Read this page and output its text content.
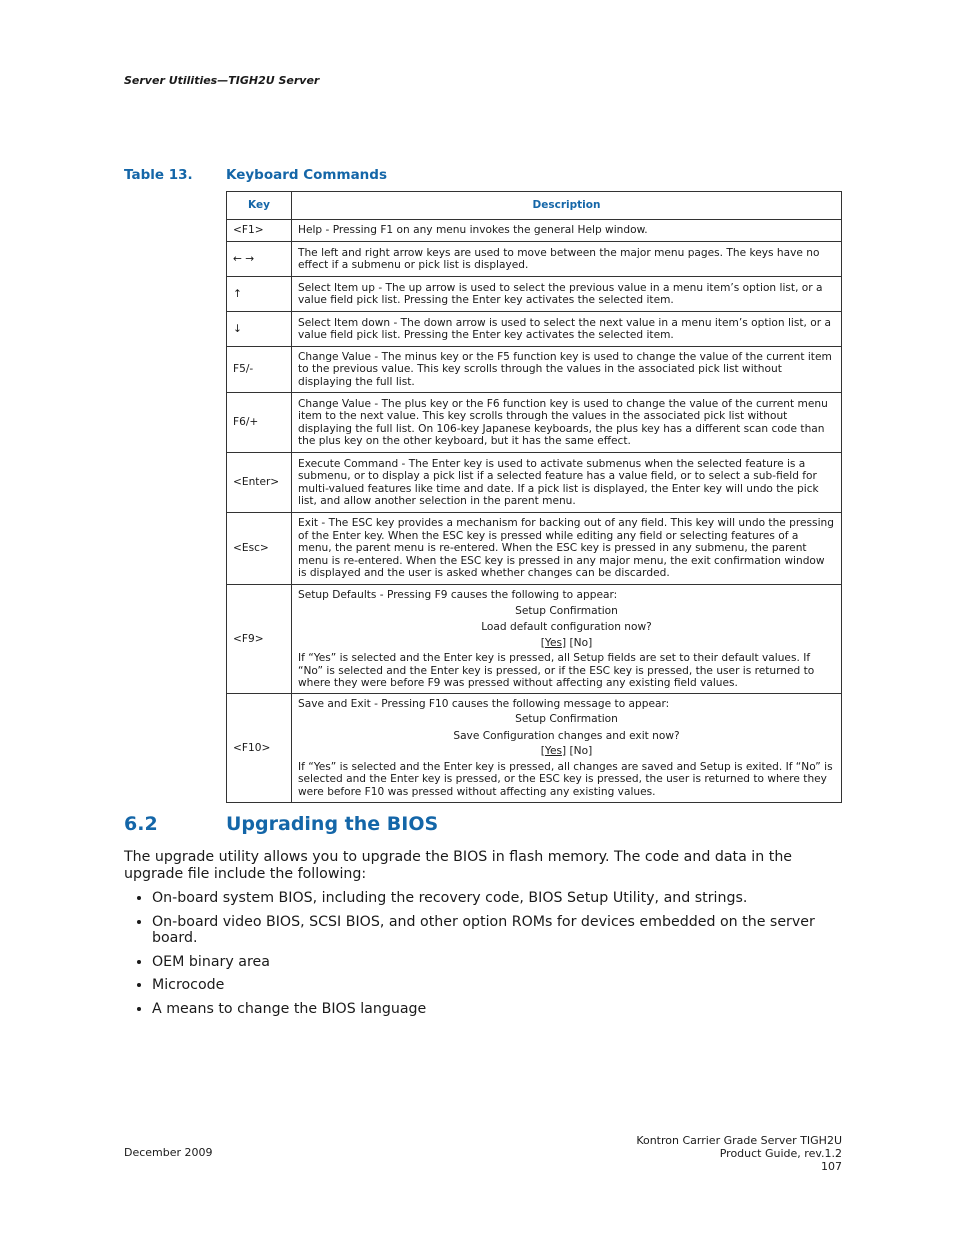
Server Utilities—TIGH2U Server
Table 13. Keyboard Commands
Key	Description
<F1>	Help - Pressing F1 on any menu invokes the general Help window.
← →	The left and right arrow keys are used to move between the major menu pages. The keys have no effect if a submenu or pick list is displayed.
↑	Select Item up - The up arrow is used to select the previous value in a menu item’s option list, or a value field pick list. Pressing the Enter key activates the selected item.
↓	Select Item down - The down arrow is used to select the next value in a menu item’s option list, or a value field pick list. Pressing the Enter key activates the selected item.
F5/-	Change Value - The minus key or the F5 function key is used to change the value of the current item to the previous value. This key scrolls through the values in the associated pick list without displaying the full list.
F6/+	Change Value - The plus key or the F6 function key is used to change the value of the current menu item to the next value. This key scrolls through the values in the associated pick list without displaying the full list. On 106-key Japanese keyboards, the plus key has a different scan code than the plus key on the other keyboard, but it has the same effect.
<Enter>	Execute Command - The Enter key is used to activate submenus when the selected feature is a submenu, or to display a pick list if a selected feature has a value field, or to select a sub-field for multi-valued features like time and date. If a pick list is displayed, the Enter key will undo the pick list, and allow another selection in the parent menu.
<Esc>	Exit - The ESC key provides a mechanism for backing out of any field. This key will undo the pressing of the Enter key. When the ESC key is pressed while editing any field or selecting features of a menu, the parent menu is re-entered. When the ESC key is pressed in any submenu, the parent menu is re-entered. When the ESC key is pressed in any major menu, the exit confirmation window is displayed and the user is asked whether changes can be discarded.
<F9>	Setup Defaults - Pressing F9 causes the following to appear:
Setup Confirmation
Load default configuration now?
[Yes] [No]
If “Yes” is selected and the Enter key is pressed, all Setup fields are set to their default values. If “No” is selected and the Enter key is pressed, or if the ESC key is pressed, the user is returned to where they were before F9 was pressed without affecting any existing field values.

<F10>	Save and Exit - Pressing F10 causes the following message to appear:
Setup Confirmation
Save Configuration changes and exit now?
[Yes] [No]
If “Yes” is selected and the Enter key is pressed, all changes are saved and Setup is exited. If “No” is selected and the Enter key is pressed, or the ESC key is pressed, the user is returned to where they were before F10 was pressed without affecting any existing values.
6.2	Upgrading the BIOS

The upgrade utility allows you to upgrade the BIOS in flash memory. The code and data in the upgrade file include the following:

• On-board system BIOS, including the recovery code, BIOS Setup Utility, and strings.
• On-board video BIOS, SCSI BIOS, and other option ROMs for devices embedded on the server board.
• OEM binary area
• Microcode
• A means to change the BIOS language
December 2009
Kontron Carrier Grade Server TIGH2U
Product Guide, rev.1.2
107
